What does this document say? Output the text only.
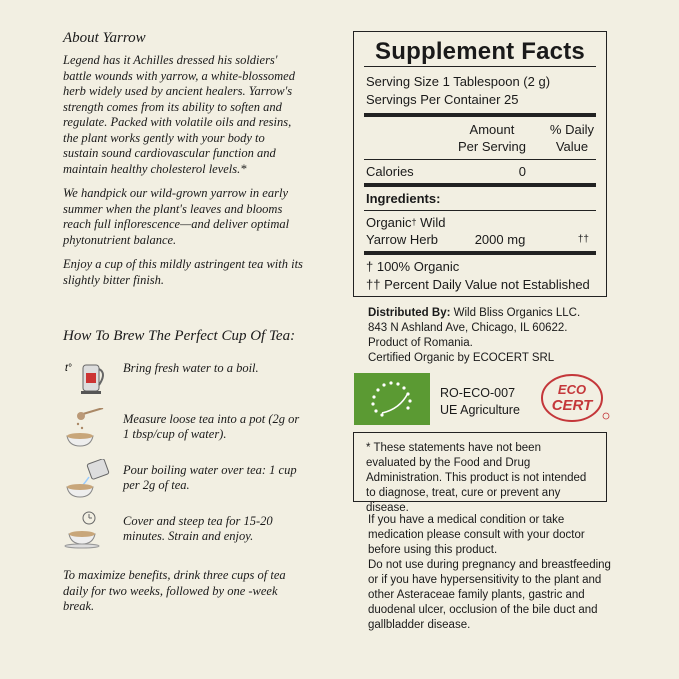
About Yarrow

Legend has it Achilles dressed his soldiers' battle wounds with yarrow, a white-blossomed herb widely used by ancient healers. Yarrow's strength comes from its ability to soften and regulate. Packed with volatile oils and resins, the plant works gently with your body to sustain sound cardiovascular function and maintain healthy cholesterol levels.*

We handpick our wild-grown yarrow in early summer when the plant's leaves and blooms reach full inflorescence—and deliver optimal phytonutrient balance.

Enjoy a cup of this mildly astringent tea with its slightly bitter finish.

How To Brew The Perfect Cup Of Tea:
t°	Bring fresh water to a boil.
Measure loose tea into a pot (2g or 1 tbsp/cup of water).
Pour boiling water over tea: 1 cup per 2g of tea.
Cover and steep tea for 15-20 minutes. Strain and enjoy.
To maximize benefits, drink three cups of tea daily for two weeks, followed by one -week break.
Supplement Facts
Serving Size 1 Tablespoon (2 g)
Servings Per Container 25
Amount
Per Serving
% Daily
Value
Calories	0
Ingredients:
Organic† Wild
Yarrow Herb	2000 mg	††
† 100% Organic
†† Percent Daily Value not Established
Distributed By: Wild Bliss Organics LLC.
843 N Ashland Ave, Chicago, IL 60622.
Product of Romania.
Certified Organic by ECOCERT SRL
RO-ECO-007
UE Agriculture
ECO
CERT
* These statements have not been evaluated by the Food and Drug Administration. This product is not intended to diagnose, treat, cure or prevent any disease.
If you have a medical condition or take medication please consult with your doctor before using this product.
Do not use during pregnancy and breastfeeding or if you have hypersensitivity to the plant and other Asteraceae family plants, gastric and duodenal ulcer, occlusion of the bile duct and gallbladder disease.
